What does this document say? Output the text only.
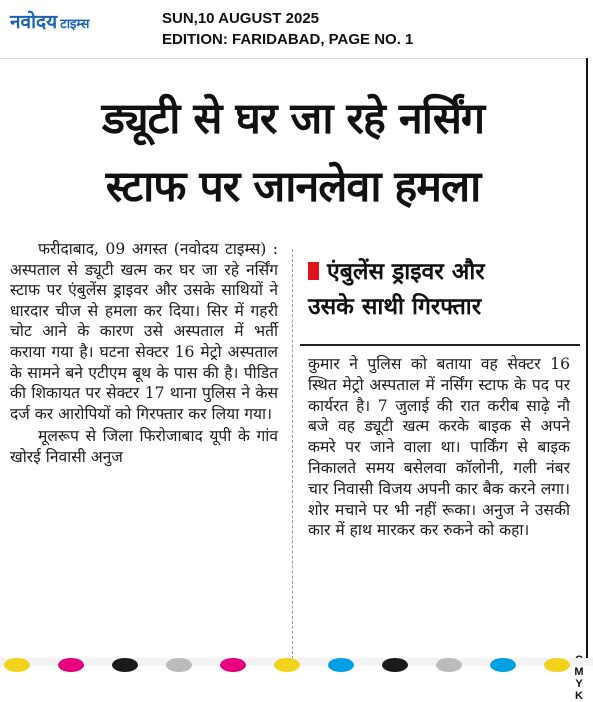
नवोदय टाइम्स	SUN,10 AUGUST 2025
EDITION: FARIDABAD, PAGE NO. 1
ड्यूटी से घर जा रहे नर्सिंग
स्टाफ पर जानलेवा हमला

फरीदाबाद, 09 अगस्त (नवोदय टाइम्स) : अस्पताल से ड्यूटी खत्म कर घर जा रहे नर्सिंग स्टाफ पर एंबुलेंस ड्राइवर और उसके साथियों ने धारदार चीज से हमला कर दिया। सिर में गहरी चोट आने के कारण उसे अस्पताल में भर्ती कराया गया है। घटना सेक्टर 16 मेट्रो अस्पताल के सामने बने एटीएम बूथ के पास की है। पीडित की शिकायत पर सेक्टर 17 थाना पुलिस ने केस दर्ज कर आरोपियों को गिरफ्तार कर लिया गया।

मूलरूप से जिला फिरोजाबाद यूपी के गांव खोरई निवासी अनुज

एंबुलेंस ड्राइवर और
उसके साथी गिरफ्तार

कुमार ने पुलिस को बताया वह सेक्टर 16 स्थित मेट्रो अस्पताल में नर्सिंग स्टाफ के पद पर कार्यरत है। 7 जुलाई की रात करीब साढ़े नौ बजे वह ड्यूटी खत्म करके बाइक से अपने कमरे पर जाने वाला था। पार्किंग से बाइक निकालते समय बसेलवा कॉलोनी, गली नंबर चार निवासी विजय अपनी कार बैक करने लगा। शोर मचाने पर भी नहीं रूका। अनुज ने उसकी कार में हाथ मारकर कर रुकने को कहा।

M
Y
K
